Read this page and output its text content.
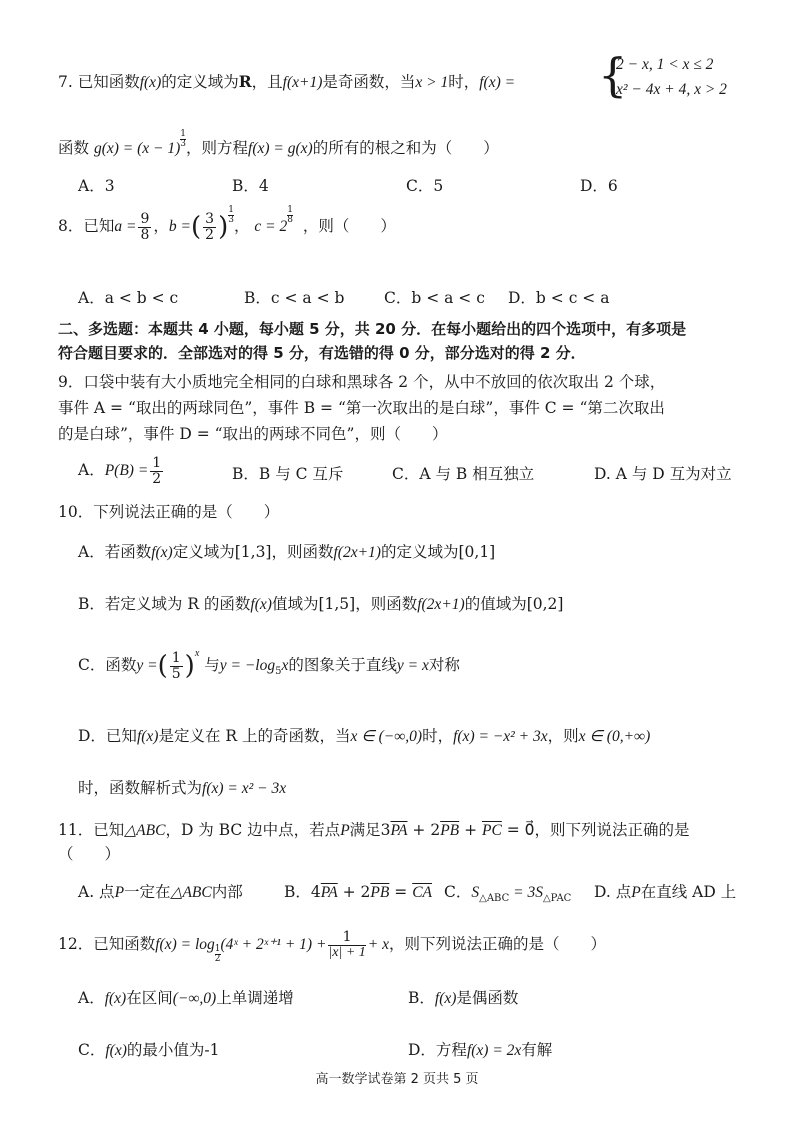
7. 已知函数f(x)的定义域为R，且f(x+1)是奇函数，当x > 1时，f(x) = {
2 − x, 1 < x ≤ 2
x² − 4x + 4, x > 2
函数 $g(x) = (x - 1) \frac{1}{3}$ ，则方程f(x) = g(x)的所有的根之和为（　　）
A．3	B．4	C．5	D．6
8．已知$a = \frac{9}{8}$ ，b =( $\frac{3}{2}$ ) $\frac{1}{3}$
， c = 2
$\frac{1}{8}$
，则（　　）
A．a < b < c	B．c < a < b	C．b < a < c D．b < c < a
二、多选题：本题共 4 小题，每小题 5 分，共 20 分．在每小题给出的四个选项中，有多项是
符合题目要求的．全部选对的得 5 分，有选错的得 0 分，部分选对的得 2 分．
9．口袋中装有大小质地完全相同的白球和黑球各 2 个，从中不放回的依次取出 2 个球，
事件 A = “取出的两球同色”，事件 B = “第一次取出的是白球”，事件 C = “第二次取出
的是白球”，事件 D = “取出的两球不同色”，则（　　）
A．$P(B) = \frac{1}{2}$	B．B 与 C 互斥	C．A 与 B 相互独立	D. A 与 D 互为对立
10．下列说法正确的是（　　）
A．若函数f(x)定义域为[1,3]，则函数f(2x+1)的定义域为[0,1]
B．若定义域为 R 的函数f(x)值域为[1,5]，则函数f(2x+1)的值域为[0,2]
C．函数y =( $\frac{1}{5} )^x$ 与$y = -\log_5x$的图象关于直线y = x对称
D．已知f(x)是定义在 R 上的奇函数，当x ∈ (−∞,0)时，f(x) = −x² + 3x，则x ∈ (0,+∞)
时，函数解析式为f(x) = x² − 3x
11．已知△ABC，D 为 BC 边中点，若点P满足$3\overline{PA} + 2\overline{PB} + \overline{PC}$ = 0⃗，则下列说法正确的是
（　　）
A. 点P一定在△ABC内部	B．$4\overline{PA} + 2\overline{PB} = \overline{CA}$ C．$S_{\triangle ABC} = 3S_{\triangle PAC}$ D. 点P在直线 AD 上
12．已知函数f(x) = log
$\frac{1}{2}$
(4ˣ + 2ˣ⁺¹ + $1) + \frac{1}{|x| + 1} + x$，则下列说法正确的是（　　）
A．f(x)在区间(−∞,0)上单调递增	B．f(x)是偶函数
C．f(x)的最小值为-1	D．方程f(x) = 2x有解
高一数学试卷第 2 页共 5 页
